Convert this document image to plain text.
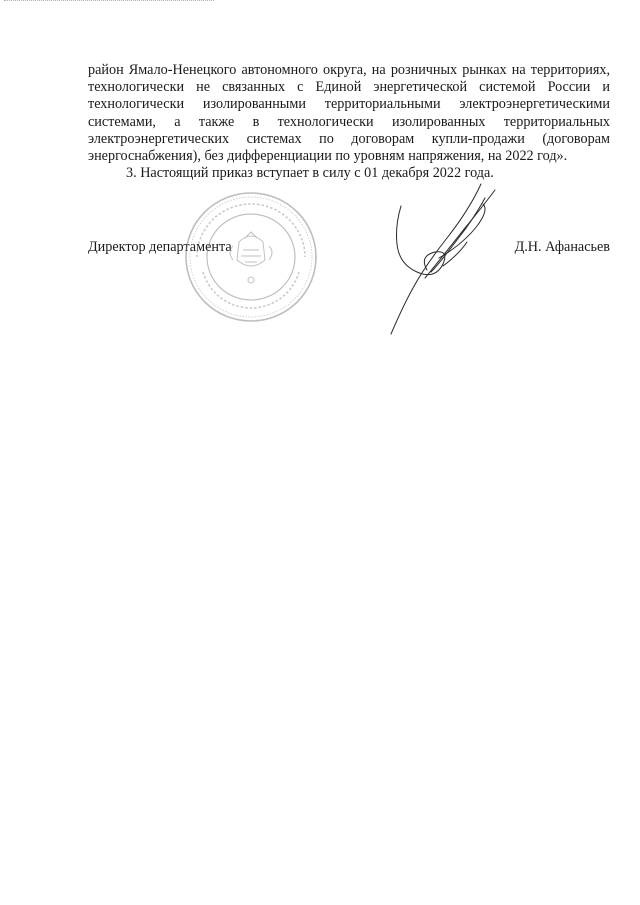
район Ямало-Ненецкого автономного округа, на розничных рынках на территориях, технологически не связанных с Единой энергетической системой России и технологически изолированными территориальными электроэнергетическими системами, а также в технологически изолированных территориальных электроэнергетических системах по договорам купли-продажи (договорам энергоснабжения), без дифференциации по уровням напряжения, на 2022 год».

3. Настоящий приказ вступает в силу с 01 декабря 2022 года.

Директор департамента	Д.Н. Афанасьев
